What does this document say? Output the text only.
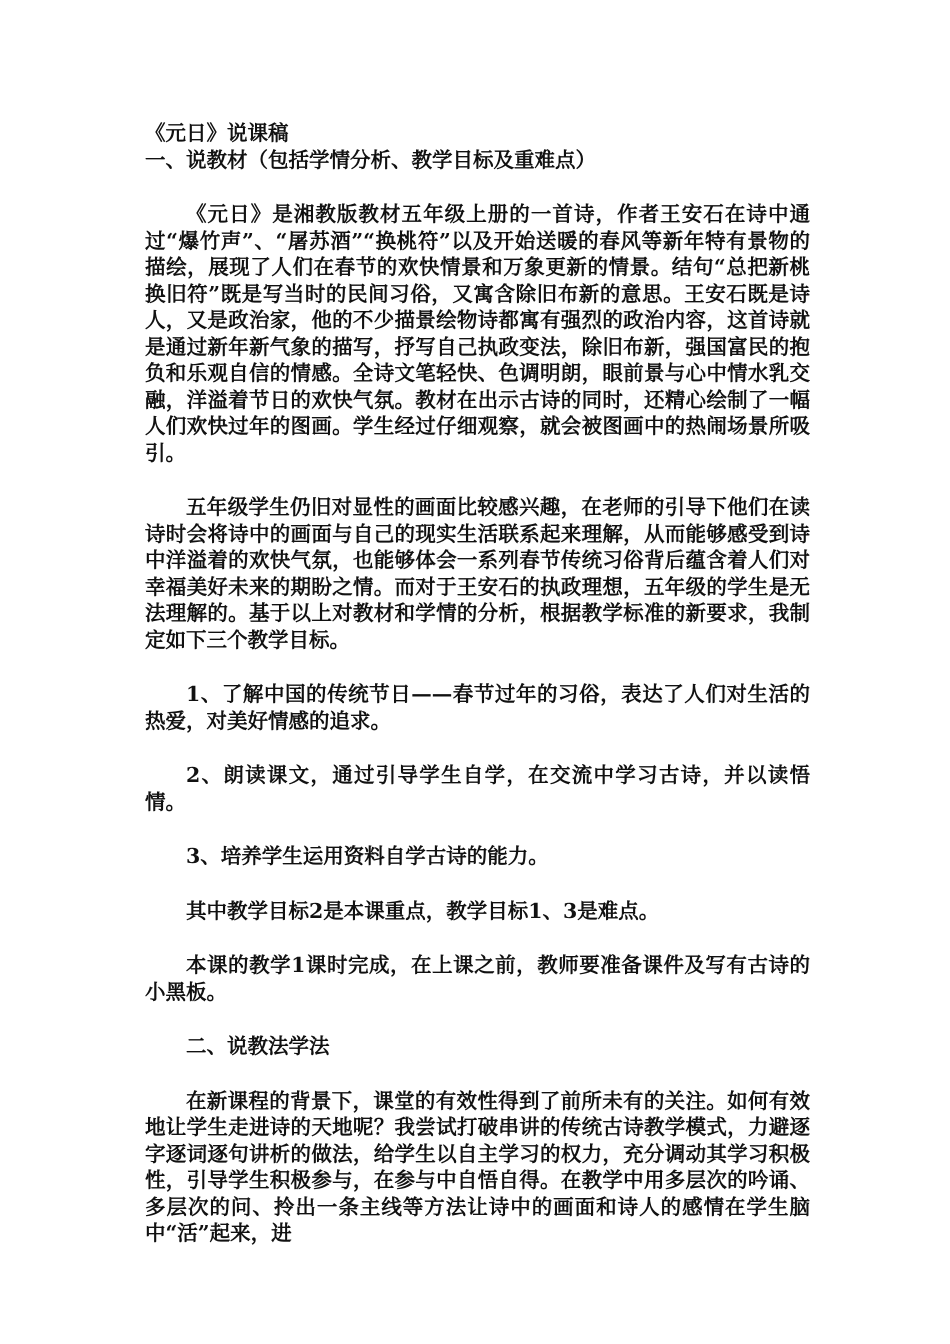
《元日》说课稿

一、说教材（包括学情分析、教学目标及重难点）

《元日》是湘教版教材五年级上册的一首诗，作者王安石在诗中通过“爆竹声”、“屠苏酒”“换桃符”以及开始送暖的春风等新年特有景物的描绘，展现了人们在春节的欢快情景和万象更新的情景。结句“总把新桃换旧符”既是写当时的民间习俗，又寓含除旧布新的意思。王安石既是诗人，又是政治家，他的不少描景绘物诗都寓有强烈的政治内容，这首诗就是通过新年新气象的描写，抒写自己执政变法，除旧布新，强国富民的抱负和乐观自信的情感。全诗文笔轻快、色调明朗，眼前景与心中情水乳交融，洋溢着节日的欢快气氛。教材在出示古诗的同时，还精心绘制了一幅人们欢快过年的图画。学生经过仔细观察，就会被图画中的热闹场景所吸引。

五年级学生仍旧对显性的画面比较感兴趣，在老师的引导下他们在读诗时会将诗中的画面与自己的现实生活联系起来理解，从而能够感受到诗中洋溢着的欢快气氛，也能够体会一系列春节传统习俗背后蕴含着人们对幸福美好未来的期盼之情。而对于王安石的执政理想，五年级的学生是无法理解的。基于以上对教材和学情的分析，根据教学标准的新要求，我制定如下三个教学目标。

1、了解中国的传统节日——春节过年的习俗，表达了人们对生活的热爱，对美好情感的追求。

2、朗读课文，通过引导学生自学，在交流中学习古诗，并以读悟情。

3、培养学生运用资料自学古诗的能力。

其中教学目标2是本课重点，教学目标1、3是难点。

本课的教学1课时完成，在上课之前，教师要准备课件及写有古诗的小黑板。

二、说教法学法

在新课程的背景下，课堂的有效性得到了前所未有的关注。如何有效地让学生走进诗的天地呢？我尝试打破串讲的传统古诗教学模式，力避逐字逐词逐句讲析的做法，给学生以自主学习的权力，充分调动其学习积极性，引导学生积极参与，在参与中自悟自得。在教学中用多层次的吟诵、多层次的问、拎出一条主线等方法让诗中的画面和诗人的感情在学生脑中“活”起来，进
